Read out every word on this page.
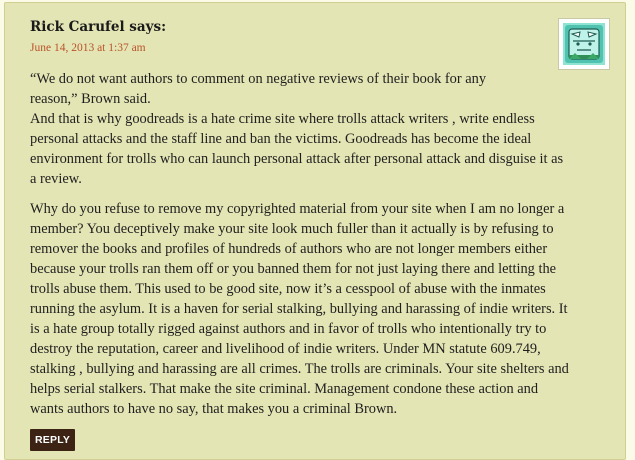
Rick Carufel says:
June 14, 2013 at 1:37 am
“We do not want authors to comment on negative reviews of their book for any
reason,” Brown said.
And that is why goodreads is a hate crime site where trolls attack writers , write endless
personal attacks and the staff line and ban the victims. Goodreads has become the ideal
environment for trolls who can launch personal attack after personal attack and disguise it as
a review.
Why do you refuse to remove my copyrighted material from your site when I am no longer a
member? You deceptively make your site look much fuller than it actually is by refusing to
remover the books and profiles of hundreds of authors who are not longer members either
because your trolls ran them off or you banned them for not just laying there and letting the
trolls abuse them. This used to be good site, now it’s a cesspool of abuse with the inmates
running the asylum. It is a haven for serial stalking, bullying and harassing of indie writers. It
is a hate group totally rigged against authors and in favor of trolls who intentionally try to
destroy the reputation, career and livelihood of indie writers. Under MN statute 609.749,
stalking , bullying and harassing are all crimes. The trolls are criminals. Your site shelters and
helps serial stalkers. That make the site criminal. Management condone these action and
wants authors to have no say, that makes you a criminal Brown.
REPLY
